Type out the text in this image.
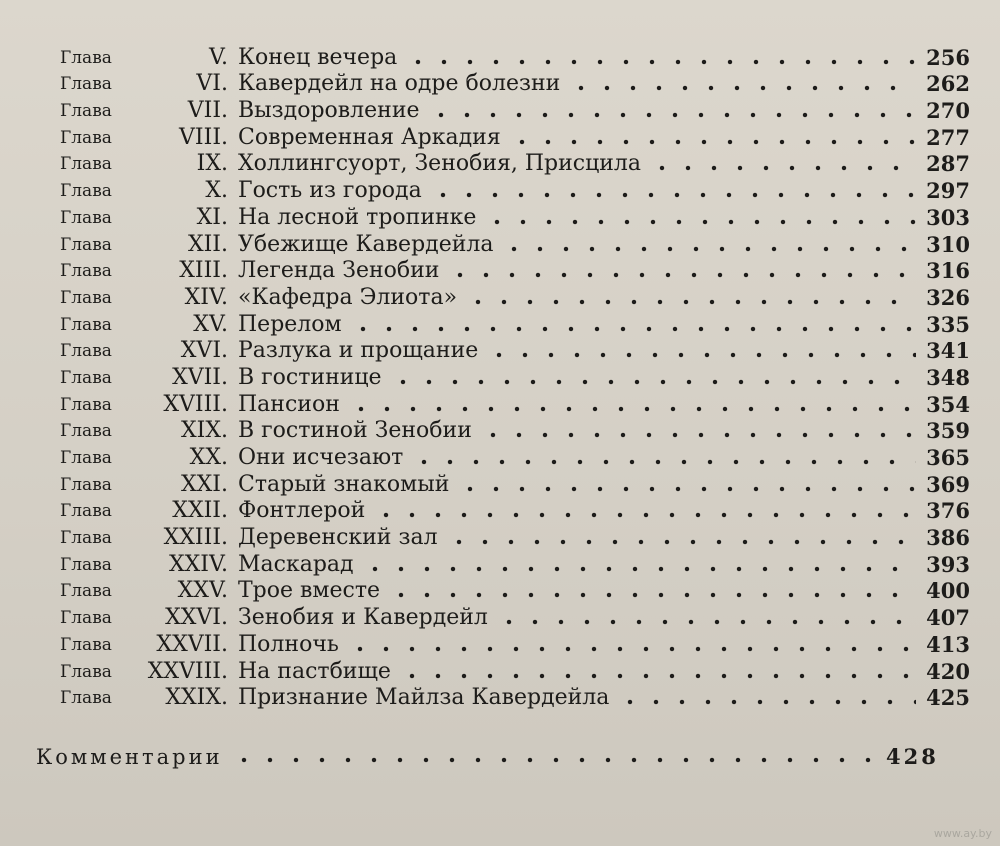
Глава	V. Конец вечера	256
Глава	VI. Кавердейл на одре болезни	262
Глава	VII. Выздоровление	270
Глава	VIII. Современная Аркадия	277
Глава	IX. Холлингсуорт, Зенобия, Присцила	287
Глава	X. Гость из города	297
Глава	XI. На лесной тропинке	303
Глава	XII. Убежище Кавердейла	310
Глава	XIII. Легенда Зенобии	316
Глава	XIV. «Кафедра Элиота»	326
Глава	XV. Перелом	335
Глава	XVI. Разлука и прощание	341
Глава	XVII. В гостинице	348
Глава	XVIII. Пансион	354
Глава	XIX. В гостиной Зенобии	359
Глава	XX. Они исчезают	365
Глава	XXI. Старый знакомый	369
Глава	XXII. Фонтлерой	376
Глава	XXIII. Деревенский зал	386
Глава	XXIV. Маскарад	393
Глава	XXV. Трое вместе	400
Глава	XXVI. Зенобия и Кавердейл	407
Глава	XXVII. Полночь	413
Глава	XXVIII. На пастбище	420
Глава	XXIX. Признание Майлза Кавердейла	425
Комментарии	428
www.ay.by
